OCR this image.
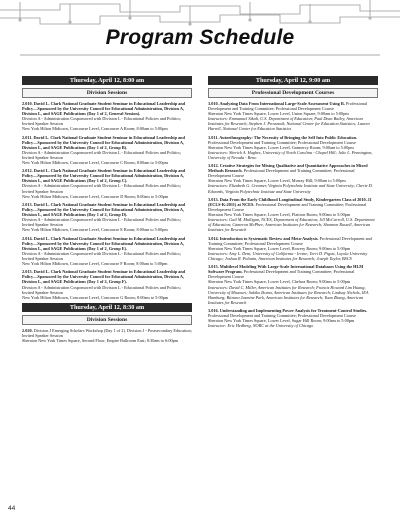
Program Schedule
Thursday, April 12, 8:00 am
Division Sessions
2.010. David L. Clark National Graduate Student Seminar in Educational Leadership and Policy—Sponsored by the University Council for Educational Administration, Division A, Division L, and SAGE Publications (Day 1 of 2, General Session).
Division A - Administration Cosponsored with Division L - Educational Policies and Politics; Invited Speaker Session
New York Hilton Midtown, Concourse Level, Concourse A Room; 8:00am to 5:00pm
2.011. David L. Clark National Graduate Student Seminar in Educational Leadership and Policy—Sponsored by the University Council for Educational Administration, Division A, Division L, and SAGE Publications (Day 1 of 2, Group B).
Division A - Administration Cosponsored with Division L - Educational Policies and Politics; Invited Speaker Session
New York Hilton Midtown, Concourse Level, Concourse C Room; 8:00am to 5:00pm
2.012. David L. Clark National Graduate Student Seminar in Educational Leadership and Policy—Sponsored by the University Council for Educational Administration, Division A, Division L, and SAGE Publications (Day 1 of 2, Group C).
Division A - Administration Cosponsored with Division L - Educational Policies and Politics; Invited Speaker Session
New York Hilton Midtown, Concourse Level, Concourse D Room; 8:00am to 5:00pm
2.013. David L. Clark National Graduate Student Seminar in Educational Leadership and Policy—Sponsored by the University Council for Educational Administration, Division A, Division L, and SAGE Publications (Day 1 of 2, Group D).
Division A - Administration Cosponsored with Division L - Educational Policies and Politics; Invited Speaker Session
New York Hilton Midtown, Concourse Level, Concourse E Room; 8:00am to 5:00pm
2.014. David L. Clark National Graduate Student Seminar in Educational Leadership and Policy—Sponsored by the University Council for Educational Administration, Division A, Division L, and SAGE Publications (Day 1 of 2, Group E).
Division A - Administration Cosponsored with Division L - Educational Policies and Politics; Invited Speaker Session
New York Hilton Midtown, Concourse Level, Concourse F Room; 8:00am to 5:00pm
2.015. David L. Clark National Graduate Student Seminar in Educational Leadership and Policy—Sponsored by the University Council for Educational Administration, Division A, Division L, and SAGE Publications (Day 1 of 2, Group F).
Division A - Administration Cosponsored with Division L - Educational Policies and Politics; Invited Speaker Session
New York Hilton Midtown, Concourse Level, Concourse G Room; 8:00am to 5:00pm
Thursday, April 12, 8:30 am
Division Sessions
2.020. Division J Emerging Scholars Workshop (Day 1 of 2). Division J - Postsecondary Education; Invited Speaker Session
Sheraton New York Times Square, Second Floor, Empire Ballroom East; 8:30am to 6:00pm
Thursday, April 12, 9:00 am
Professional Development Courses
3.010. Analyzing Data From International Large-Scale Assessment Using R. Professional Development and Training Committee; Professional Development Course
Sheraton New York Times Square, Lower Level, Union Square; 9:00am to 5:00pm
Instructors: Emmanuel Sikali, U.S. Department of Education; Paul Dean Bailey, American Institutes for Research; Stephen J. Provasnik, National Center for Education Statistics; Lauren Harrell, National Center for Education Statistics
3.011. Autoethnography: The Necessity of Bringing the Self Into Public Education. Professional Development and Training Committee; Professional Development Course
Sheraton New York Times Square, Lower Level, Gramercy Room; 9:00am to 5:00pm
Instructors: Sherick A. Hughes, University of North Carolina - Chapel Hill; Julie L. Pennington, University of Nevada - Reno
3.012. Creative Strategies for Mixing Qualitative and Quantitative Approaches in Mixed Methods Research. Professional Development and Training Committee; Professional Development Course
Sheraton New York Times Square, Lower Level, Murray Hill; 9:00am to 5:00pm
Instructors: Elizabeth G. Creamer, Virginia Polytechnic Institute and State University; Cherie D. Edwards, Virginia Polytechnic Institute and State University
3.013. Data From the Early Childhood Longitudinal Study, Kindergarten Class of 2010–11 (ECLS-K:2011) at NCES. Professional Development and Training Committee; Professional Development Course
Sheraton New York Times Square, Lower Level, Flatiron Room; 9:00am to 5:00pm
Instructors: Gail M. Mulligan, NCES, Department of Education; Jill McCarroll, U.S. Department of Education; Cameron McPhee, American Institutes for Research; Shannon Russell, American Institutes for Research
3.014. Introduction to Systematic Review and Meta-Analysis. Professional Development and Training Committee; Professional Development Course
Sheraton New York Times Square, Lower Level, Bowery Room; 9:00am to 5:00pm
Instructors: Amy L. Dent, University of California - Irvine; Terri D. Pigott, Loyola University Chicago; Joshua R. Polanin, American Institutes for Research; Joseph Taylor, BSCS
3.015. Multilevel Modeling With Large-Scale International Databases Using the HLM Software Program. Professional Development and Training Committee; Professional Development Course
Sheraton New York Times Square, Lower Level, Chelsea Room; 9:00am to 5:00pm
Instructors: David C. Miller, American Institutes for Research; Francis Howard Lim Huang, University of Missouri; Sakiko Ikoma, American Institutes for Research; Lindsay Nichols, IEA Hamburg; Bitnara Jasmine Park, American Institutes for Research; Yuan Zhang, American Institutes for Research
3.016. Understanding and Implementing Power Analysis for Treatment-Control Studies. Professional Development and Training Committee; Professional Development Course
Sheraton New York Times Square, Lower Level, Sugar Hill Room; 9:00am to 5:00pm
Instructor: Eric Hedberg, NORC at the University of Chicago
44
